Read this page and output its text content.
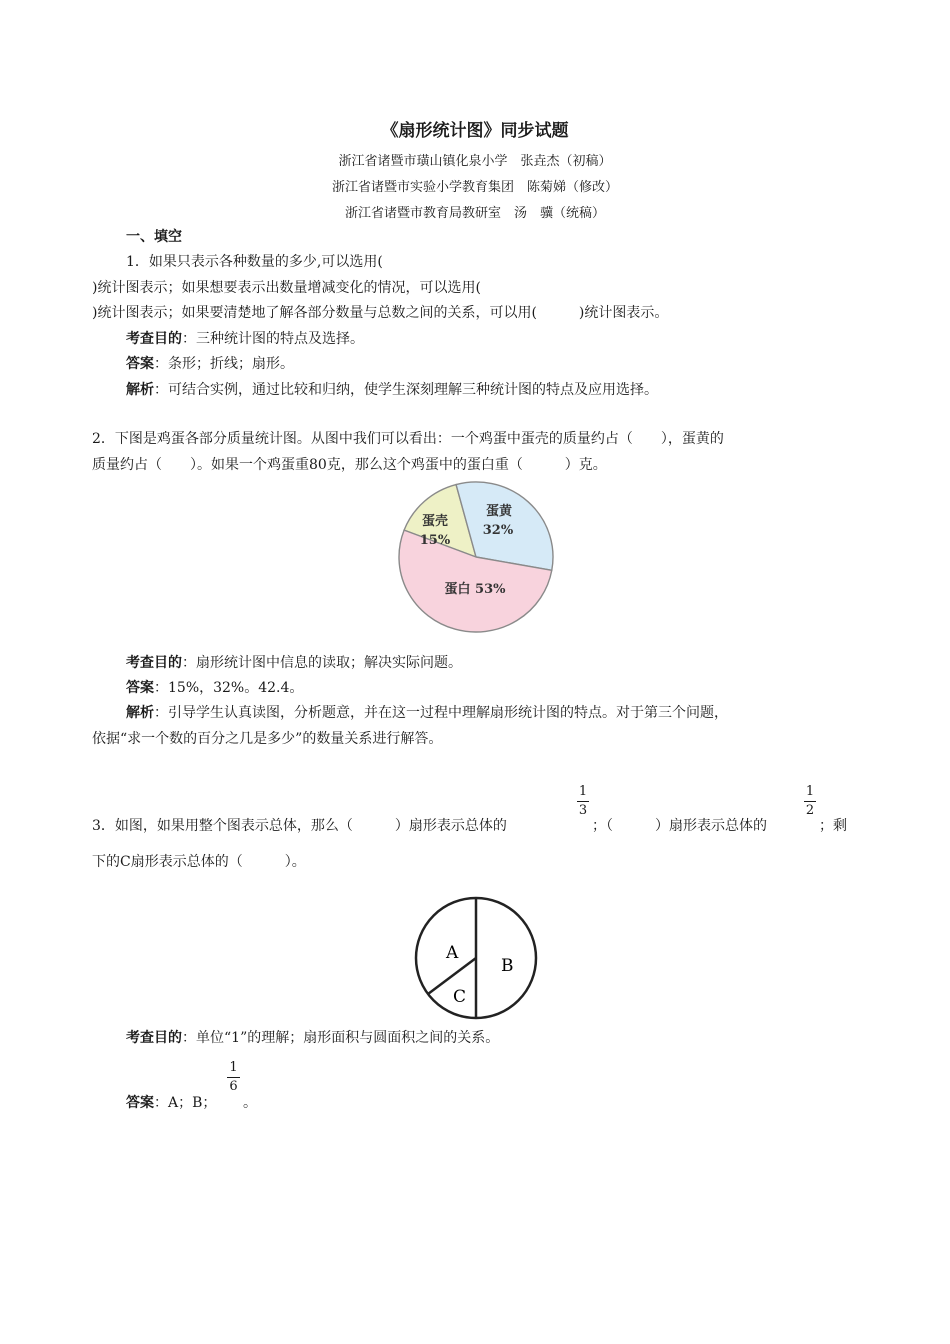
《扇形统计图》同步试题
浙江省诸暨市璜山镇化泉小学　张垚杰（初稿）
浙江省诸暨市实验小学教育集团　陈菊娣（修改）
浙江省诸暨市教育局教研室　汤　骥（统稿）
一、填空
1．如果只表示各种数量的多少,可以选用(
)统计图表示；如果想要表示出数量增减变化的情况，可以选用(
)统计图表示；如果要清楚地了解各部分数量与总数之间的关系，可以用(　　　)统计图表示。
考查目的：三种统计图的特点及选择。
答案：条形；折线；扇形。
解析：可结合实例，通过比较和归纳，使学生深刻理解三种统计图的特点及应用选择。
2．下图是鸡蛋各部分质量统计图。从图中我们可以看出：一个鸡蛋中蛋壳的质量约占（　　），蛋黄的
质量约占（　　）。如果一个鸡蛋重80克，那么这个鸡蛋中的蛋白重（　　　）克。
蛋壳
15%
蛋黄
32%
蛋白 53%
考查目的：扇形统计图中信息的读取；解决实际问题。
答案：15%，32%。42.4。
解析：引导学生认真读图，分析题意，并在这一过程中理解扇形统计图的特点。对于第三个问题，
依据“求一个数的百分之几是多少”的数量关系进行解答。
3．如图，如果用整个图表示总体，那么（　　　）扇形表示总体的
1
3
；（　　　）扇形表示总体的
1
2
；剩
下的C扇形表示总体的（　　　）。
A
B
C
考查目的：单位“1”的理解；扇形面积与圆面积之间的关系。
答案：A；B；
1
6
。
